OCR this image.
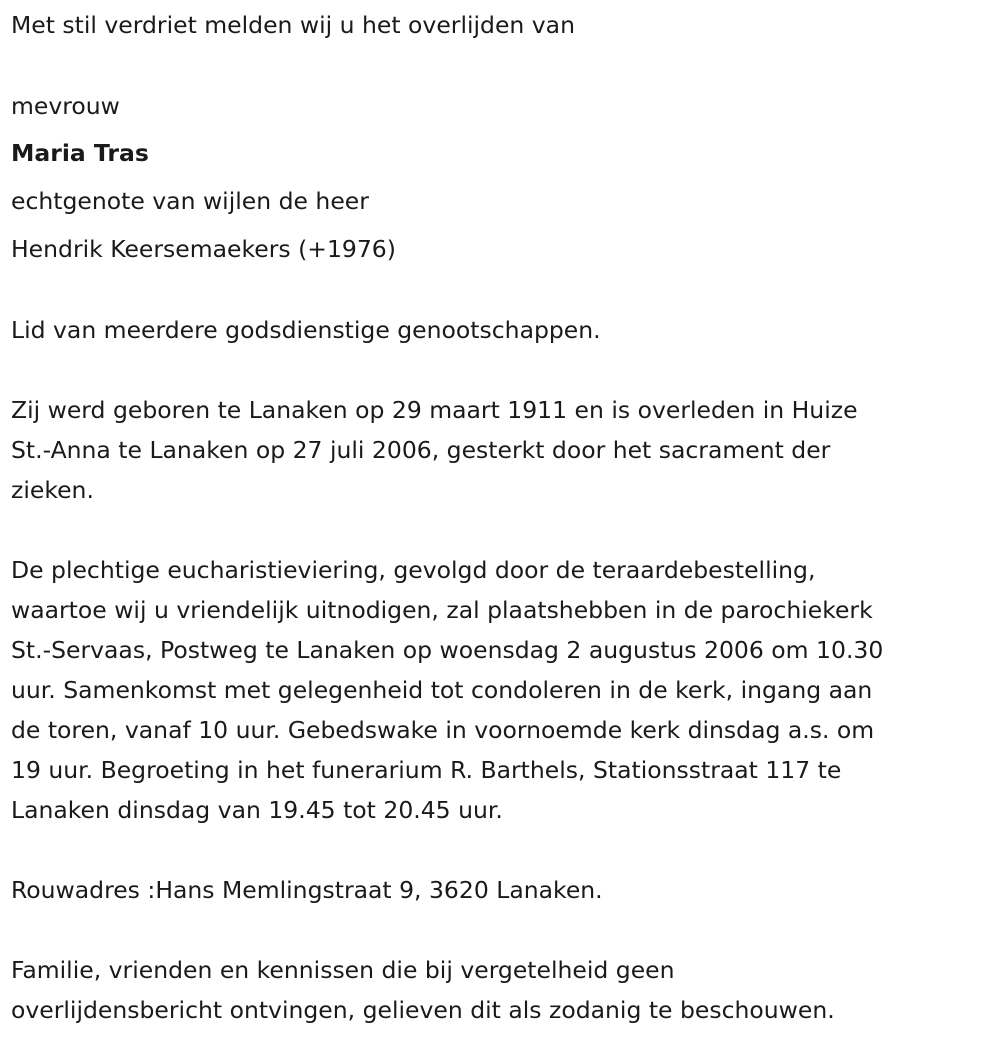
Met stil verdriet melden wij u het overlijden van
mevrouw
Maria Tras
echtgenote van wijlen de heer
Hendrik Keersemaekers (+1976)
Lid van meerdere godsdienstige genootschappen.
Zij werd geboren te Lanaken op 29 maart 1911 en is overleden in Huize
St.-Anna te Lanaken op 27 juli 2006, gesterkt door het sacrament der
zieken.
De plechtige eucharistieviering, gevolgd door de teraardebestelling,
waartoe wij u vriendelijk uitnodigen, zal plaatshebben in de parochiekerk
St.-Servaas, Postweg te Lanaken op woensdag 2 augustus 2006 om 10.30
uur. Samenkomst met gelegenheid tot condoleren in de kerk, ingang aan
de toren, vanaf 10 uur. Gebedswake in voornoemde kerk dinsdag a.s. om
19 uur. Begroeting in het funerarium R. Barthels, Stationsstraat 117 te
Lanaken dinsdag van 19.45 tot 20.45 uur.
Rouwadres :Hans Memlingstraat 9, 3620 Lanaken.
Familie, vrienden en kennissen die bij vergetelheid geen
overlijdensbericht ontvingen, gelieven dit als zodanig te beschouwen.
